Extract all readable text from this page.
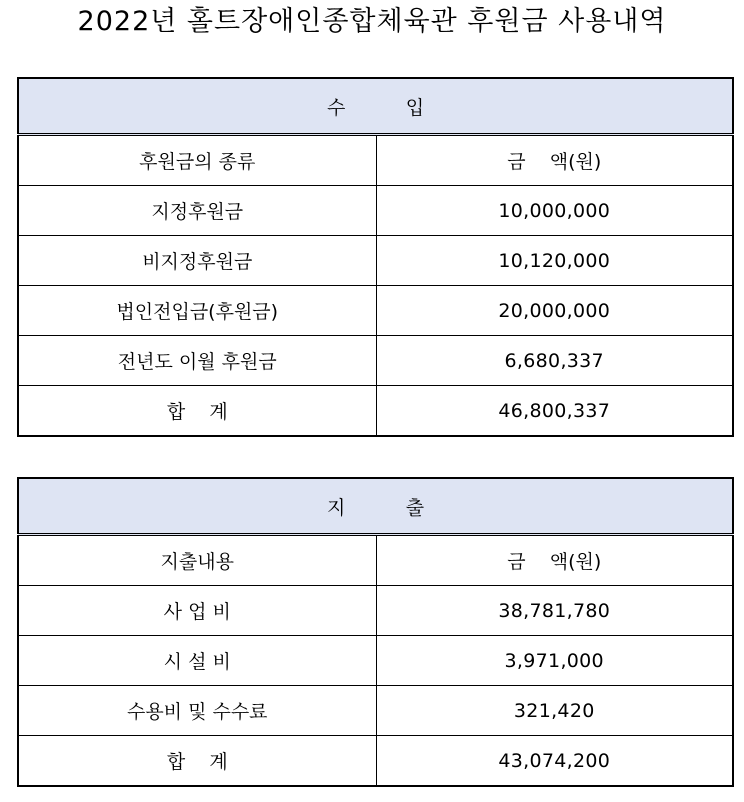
2022년 홀트장애인종합체육관 후원금 사용내역
수          입	
후원금의 종류	금    액(원)
지정후원금	10,000,000
비지정후원금	10,120,000
법인전입금(후원금)	20,000,000
전년도 이월 후원금	6,680,337
합    계	46,800,337
지          출	
지출내용	금    액(원)
사 업 비	38,781,780
시 설 비	3,971,000
수용비 및 수수료	321,420
합    계	43,074,200
